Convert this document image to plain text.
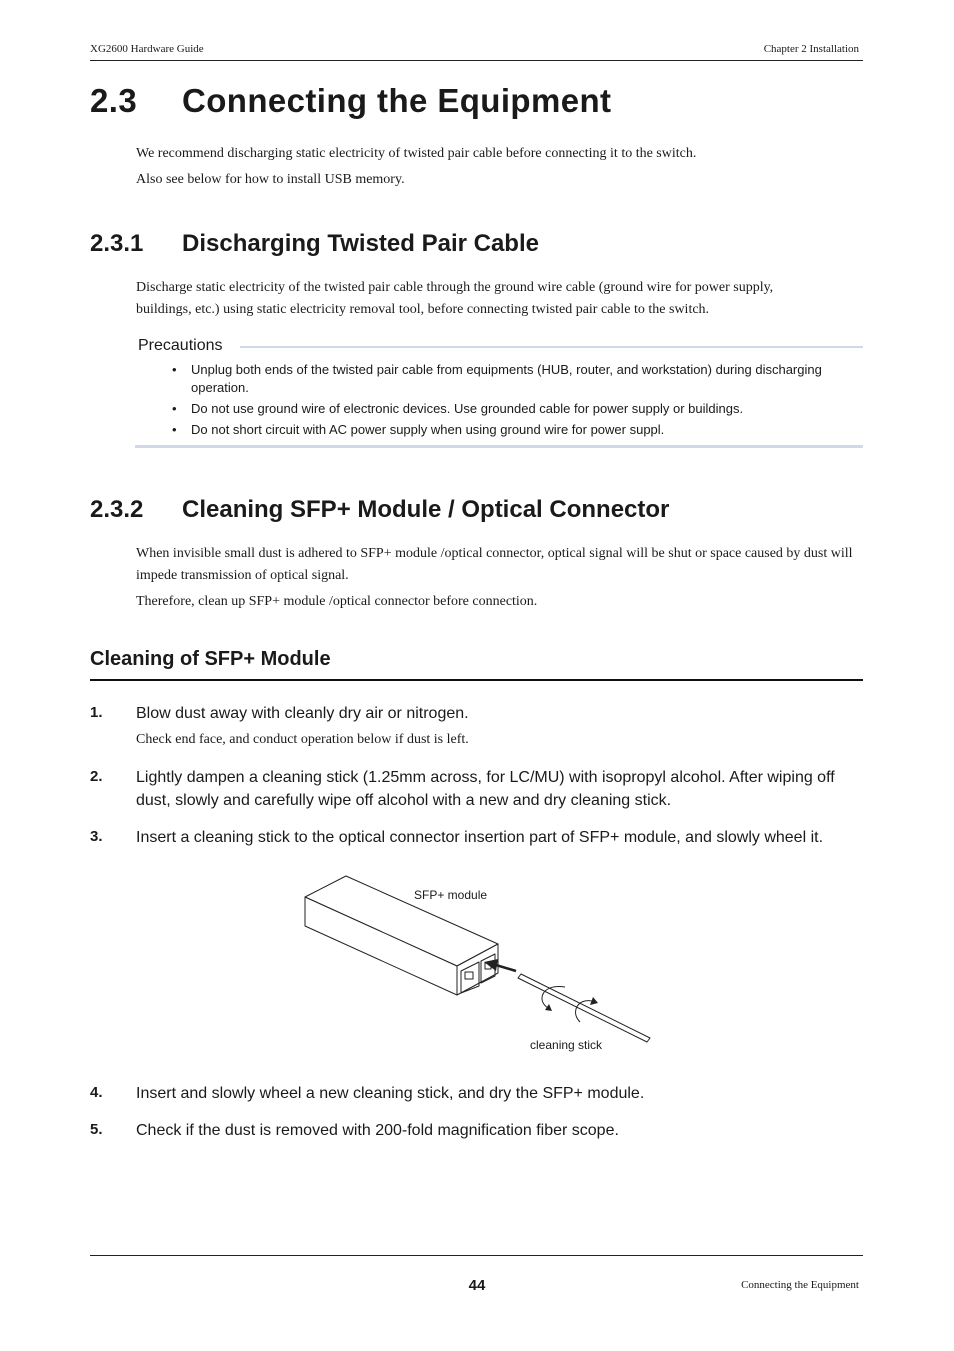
XG2600 Hardware Guide	Chapter 2 Installation
2.3 Connecting the Equipment
We recommend discharging static electricity of twisted pair cable before connecting it to the switch.
Also see below for how to install USB memory.
2.3.1 Discharging Twisted Pair Cable
Discharge static electricity of the twisted pair cable through the ground wire cable (ground wire for power supply,
buildings, etc.) using static electricity removal tool, before connecting twisted pair cable to the switch.
Precautions
• Unplug both ends of the twisted pair cable from equipments (HUB, router, and workstation) during discharging operation.
• Do not use ground wire of electronic devices. Use grounded cable for power supply or buildings.
• Do not short circuit with AC power supply when using ground wire for power suppl.
2.3.2 Cleaning SFP+ Module / Optical Connector
When invisible small dust is adhered to SFP+ module /optical connector, optical signal will be shut or space caused by dust will
impede transmission of optical signal.
Therefore, clean up SFP+ module /optical connector before connection.
Cleaning of SFP+ Module
1. Blow dust away with cleanly dry air or nitrogen.
Check end face, and conduct operation below if dust is left.
2. Lightly dampen a cleaning stick (1.25mm across, for LC/MU) with isopropyl alcohol. After wiping off dust, slowly and carefully wipe off alcohol with a new and dry cleaning stick.
3. Insert a cleaning stick to the optical connector insertion part of SFP+ module, and slowly wheel it.
SFP+ module
cleaning stick
4. Insert and slowly wheel a new cleaning stick, and dry the SFP+ module.
5. Check if the dust is removed with 200-fold magnification fiber scope.
44	Connecting the Equipment
